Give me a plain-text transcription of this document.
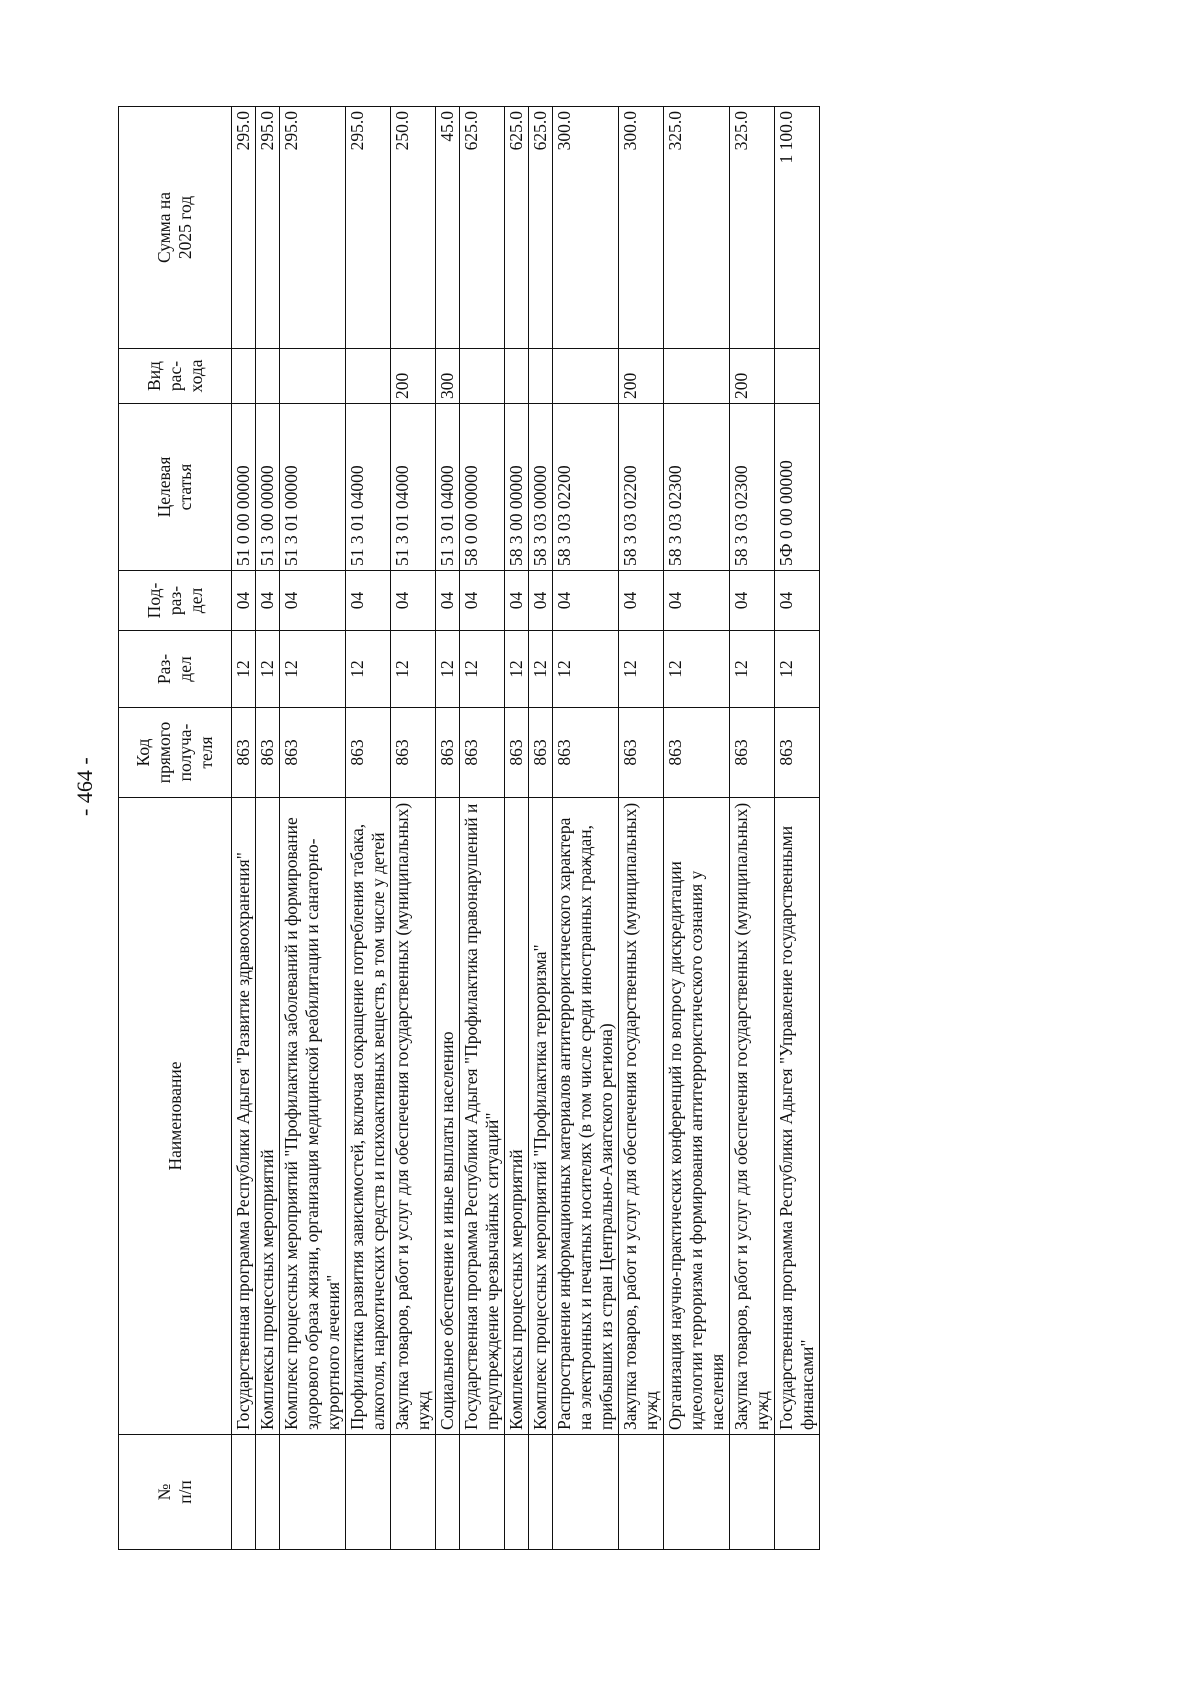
- 464 -
№
п/п	Наименование	Код
прямого
получа-
теля	Раз-
дел	Под-
раз-
дел	Целевая
статья	Вид
рас-
хода	Сумма на
2025 год
	Государственная программа Республики Адыгея "Развитие здравоохранения"	863	12	04	51 0 00 00000		295.0
	Комплексы процессных мероприятий	863	12	04	51 3 00 00000		295.0
	Комплекс процессных мероприятий "Профилактика заболеваний и формирование здорового образа жизни, организация медицинской реабилитации и санаторно-курортного лечения"	863	12	04	51 3 01 00000		295.0
	Профилактика развития зависимостей, включая сокращение потребления табака, алкоголя, наркотических средств и психоактивных веществ, в том числе у детей	863	12	04	51 3 01 04000		295.0
	Закупка товаров, работ и услуг для обеспечения государственных (муниципальных) нужд	863	12	04	51 3 01 04000	200	250.0
	Социальное обеспечение и иные выплаты населению	863	12	04	51 3 01 04000	300	45.0
	Государственная программа Республики Адыгея "Профилактика правонарушений и предупреждение чрезвычайных ситуаций"	863	12	04	58 0 00 00000		625.0
	Комплексы процессных мероприятий	863	12	04	58 3 00 00000		625.0
	Комплекс процессных мероприятий "Профилактика терроризма"	863	12	04	58 3 03 00000		625.0
	Распространение информационных материалов антитеррористического характера на электронных и печатных носителях (в том числе среди иностранных граждан, прибывших из стран Центрально-Азиатского региона)	863	12	04	58 3 03 02200		300.0
	Закупка товаров, работ и услуг для обеспечения государственных (муниципальных) нужд	863	12	04	58 3 03 02200	200	300.0
	Организация научно-практических конференций по вопросу дискредитации идеологии терроризма и формирования антитеррористического сознания у населения	863	12	04	58 3 03 02300		325.0
	Закупка товаров, работ и услуг для обеспечения государственных (муниципальных) нужд	863	12	04	58 3 03 02300	200	325.0
	Государственная программа Республики Адыгея "Управление государственными финансами"	863	12	04	5Ф 0 00 00000		1 100.0
